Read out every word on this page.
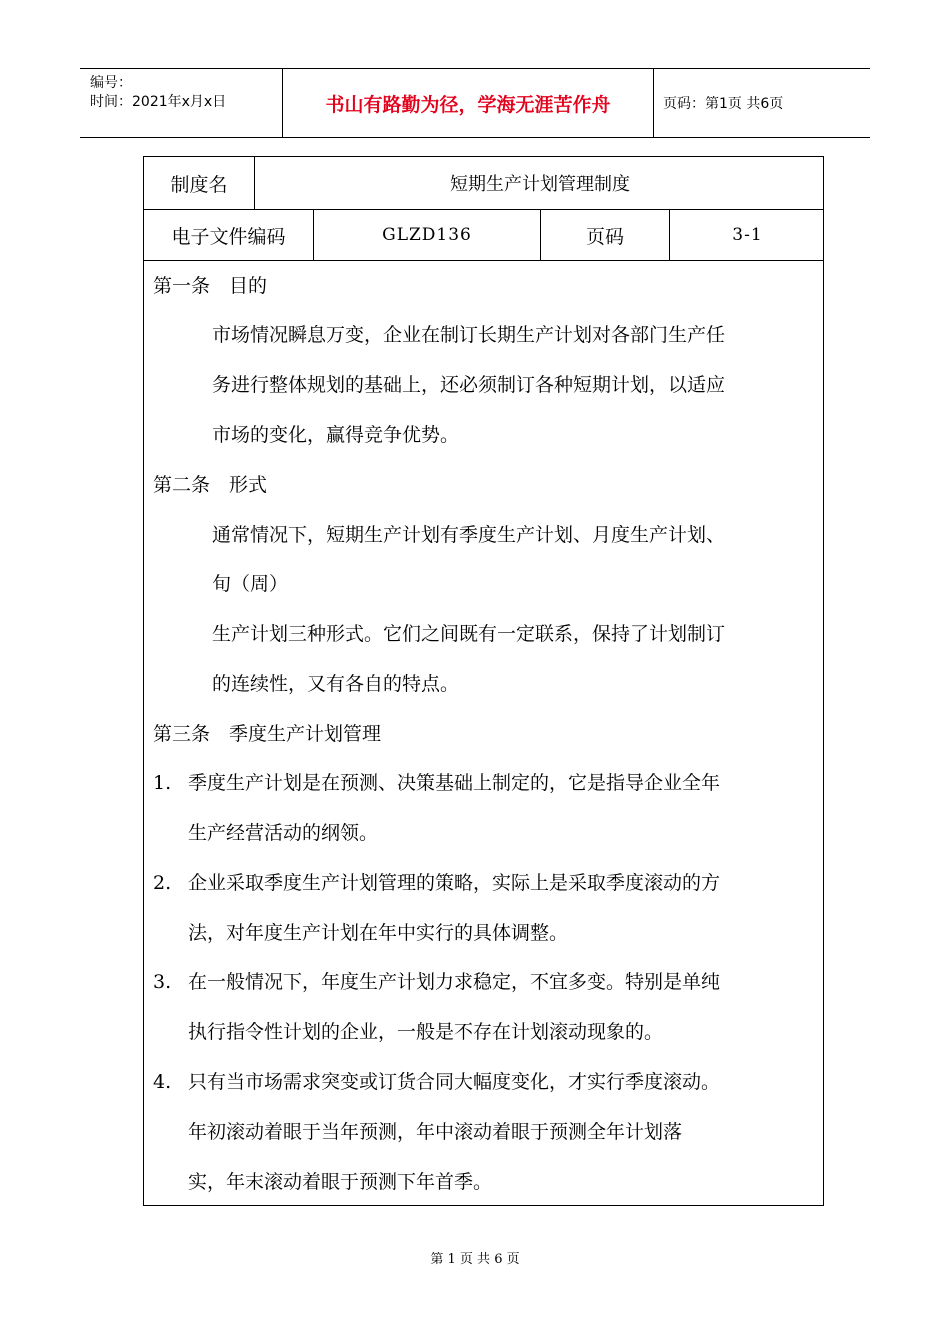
编号：
时间：2021年x月x日	书山有路勤为径，学海无涯苦作舟	页码：第1页 共6页
制度名	短期生产计划管理制度
电子文件编码	GLZD136	页码	3-1
第一条　目的
市场情况瞬息万变，企业在制订长期生产计划对各部门生产任
务进行整体规划的基础上，还必须制订各种短期计划，以适应
市场的变化，赢得竞争优势。
第二条　形式
通常情况下，短期生产计划有季度生产计划、月度生产计划、
旬（周）
生产计划三种形式。它们之间既有一定联系，保持了计划制订
的连续性，又有各自的特点。
第三条　季度生产计划管理
1. 季度生产计划是在预测、决策基础上制定的，它是指导企业全年
生产经营活动的纲领。
2. 企业采取季度生产计划管理的策略，实际上是采取季度滚动的方
法，对年度生产计划在年中实行的具体调整。
3. 在一般情况下，年度生产计划力求稳定，不宜多变。特别是单纯
执行指令性计划的企业，一般是不存在计划滚动现象的。
4. 只有当市场需求突变或订货合同大幅度变化，才实行季度滚动。
年初滚动着眼于当年预测，年中滚动着眼于预测全年计划落
实，年末滚动着眼于预测下年首季。
第 1 页 共 6 页
